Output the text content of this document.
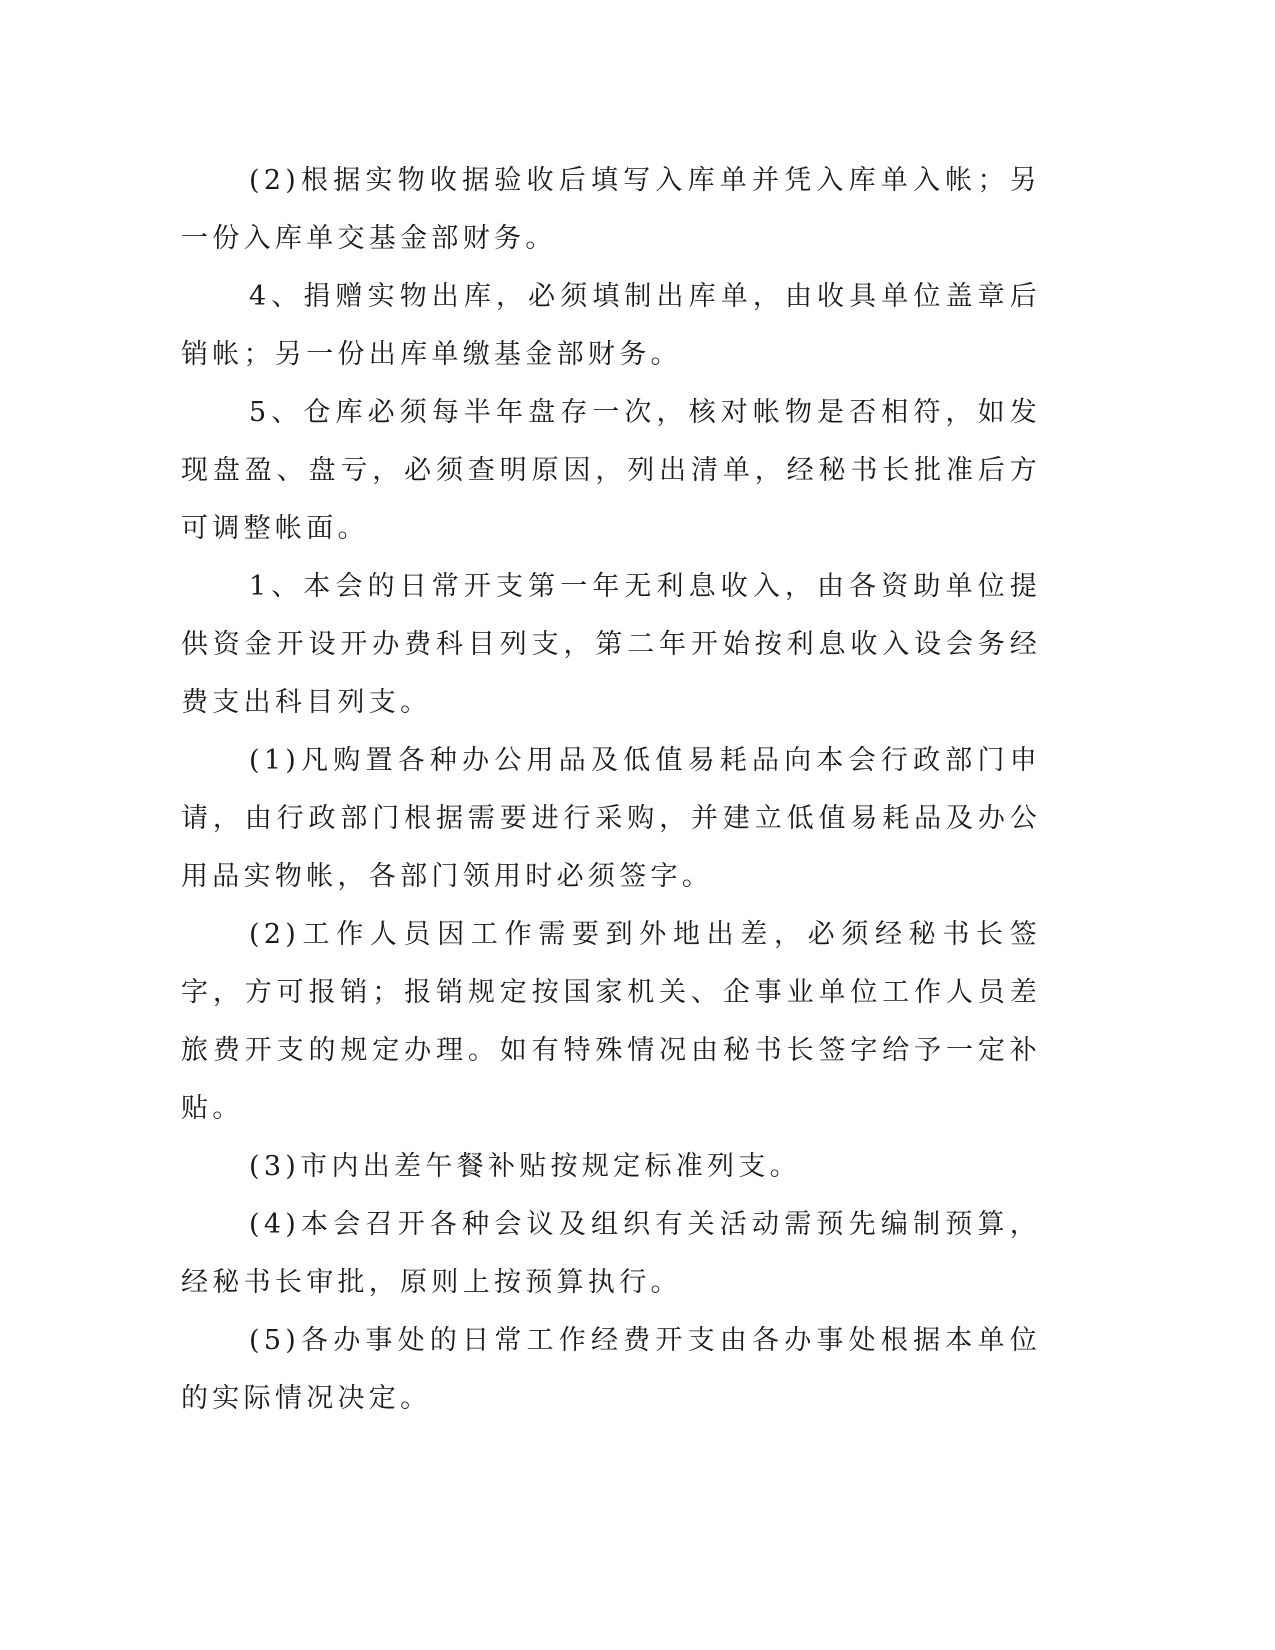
(2)根据实物收据验收后填写入库单并凭入库单入帐；另一份入库单交基金部财务。

4、捐赠实物出库，必须填制出库单，由收具单位盖章后销帐；另一份出库单缴基金部财务。

5、仓库必须每半年盘存一次，核对帐物是否相符，如发现盘盈、盘亏，必须查明原因，列出清单，经秘书长批准后方可调整帐面。

1、本会的日常开支第一年无利息收入，由各资助单位提供资金开设开办费科目列支，第二年开始按利息收入设会务经费支出科目列支。

(1)凡购置各种办公用品及低值易耗品向本会行政部门申请，由行政部门根据需要进行采购，并建立低值易耗品及办公用品实物帐，各部门领用时必须签字。

(2)工作人员因工作需要到外地出差，必须经秘书长签字，方可报销；报销规定按国家机关、企事业单位工作人员差旅费开支的规定办理。如有特殊情况由秘书长签字给予一定补贴。

(3)市内出差午餐补贴按规定标准列支。

(4)本会召开各种会议及组织有关活动需预先编制预算，经秘书长审批，原则上按预算执行。

(5)各办事处的日常工作经费开支由各办事处根据本单位的实际情况决定。
